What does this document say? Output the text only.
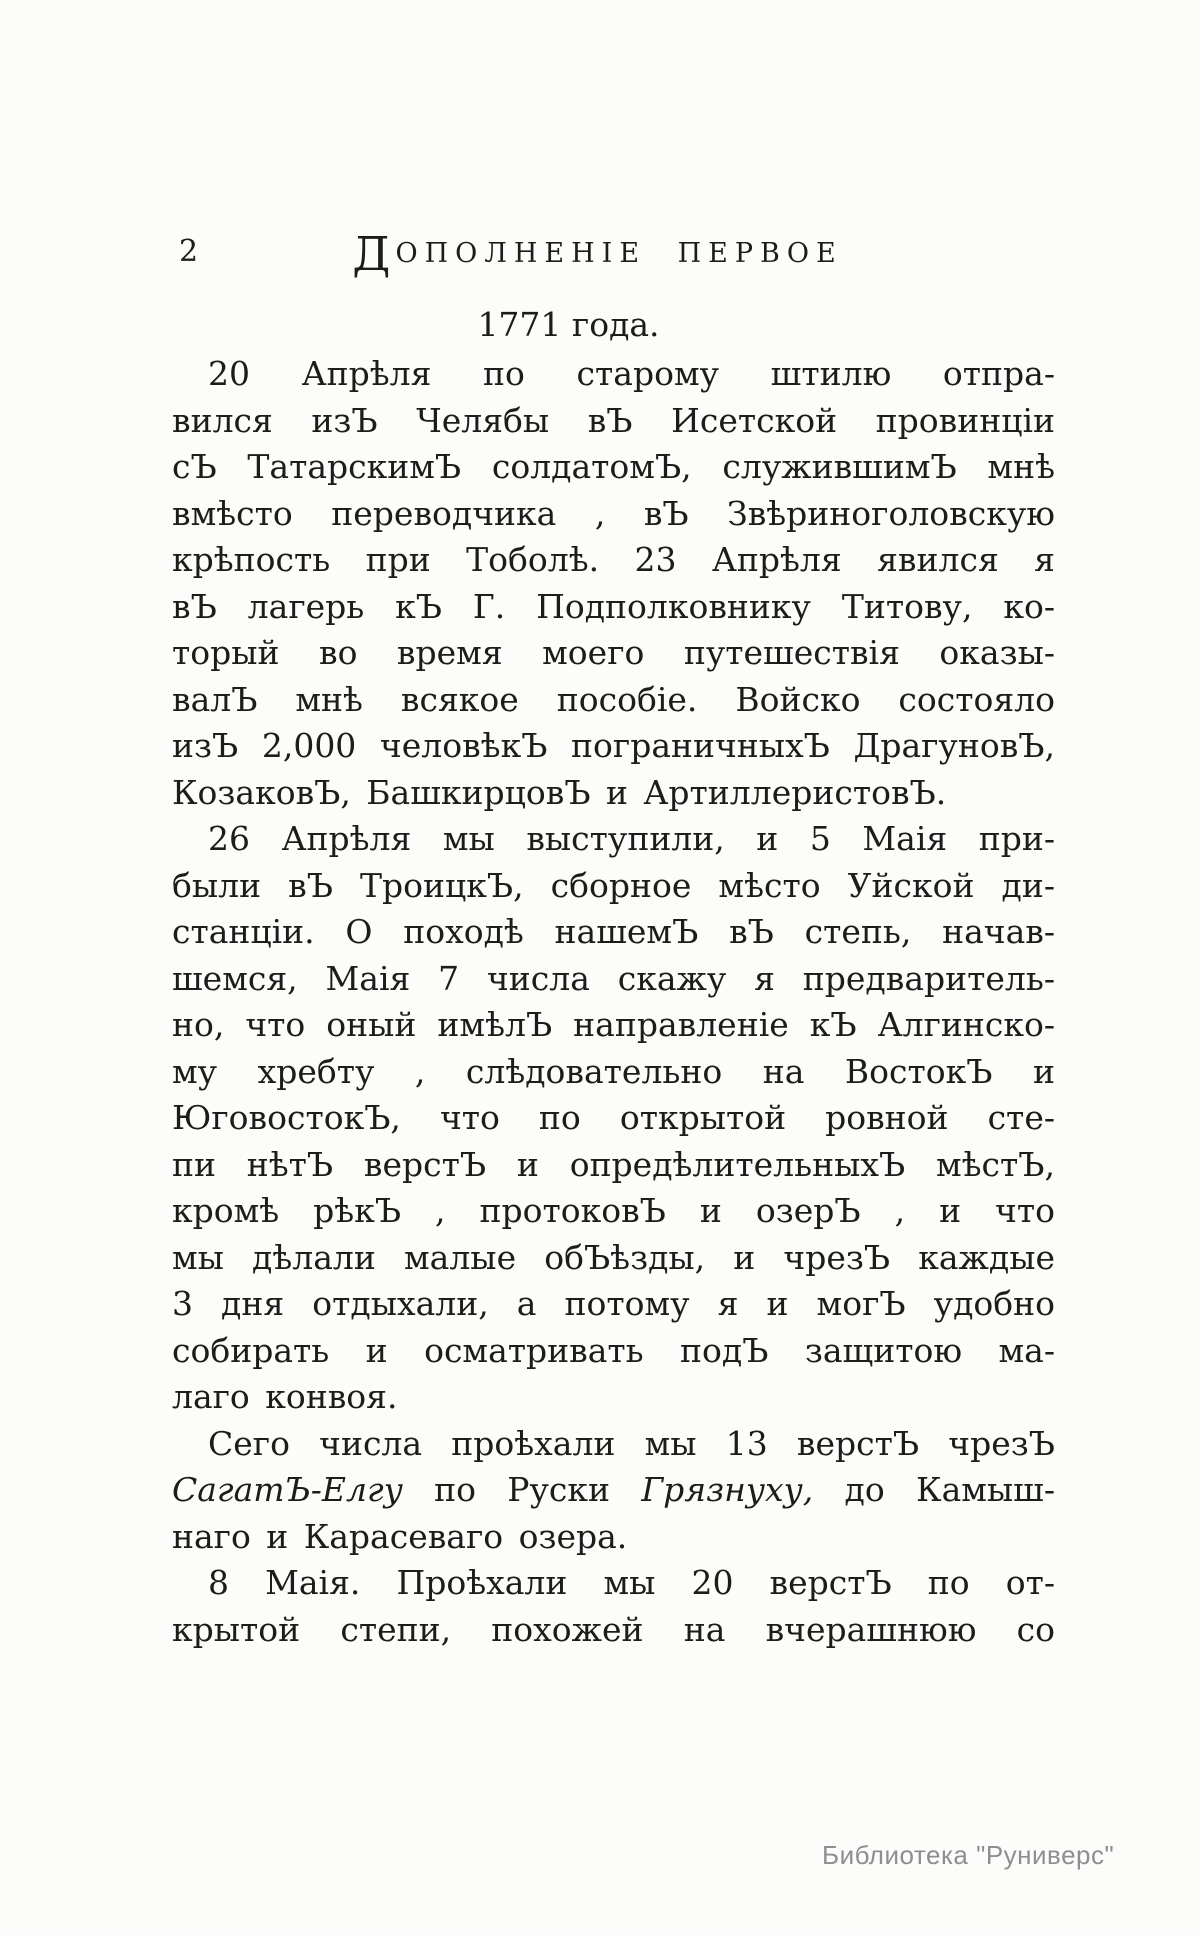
2	ДОПОЛНЕНІЕ ПЕРВОЕ
1771 года.
20 Апрѣля по старому штилю отпра-
вился изЪ Челябы вЪ Исетской провинціи
сЪ ТатарскимЪ солдатомЪ, служившимЪ мнѣ
вмѣсто переводчика , вЪ Звѣриноголовскую
крѣпость при Тоболѣ. 23 Апрѣля явился я
вЪ лагерь кЪ Г. Подполковнику Титову, ко-
торый во время моего путешествія оказы-
валЪ мнѣ всякое пособіе. Войско состояло
изЪ 2,000 человѣкЪ пограничныхЪ ДрагуновЪ,
КозаковЪ, БашкирцовЪ и АртиллеристовЪ.
26 Апрѣля мы выступили, и 5 Маія при-
были вЪ ТроицкЪ, сборное мѣсто Уйской ди-
станціи. О походѣ нашемЪ вЪ степь, начав-
шемся, Маія 7 числа скажу я предваритель-
но, что оный имѣлЪ направленіе кЪ Алгинско-
му хребту , слѣдовательно на ВостокЪ и
ЮговостокЪ, что по открытой ровной сте-
пи нѣтЪ верстЪ и опредѣлительныхЪ мѣстЪ,
кромѣ рѣкЪ , протоковЪ и озерЪ , и что
мы дѣлали малые обЪѣзды, и чрезЪ каждые
3 дня отдыхали, а потому я и могЪ удобно
собирать и осматривать подЪ защитою ма-
лаго конвоя.
Сего числа проѣхали мы 13 верстЪ чрезЪ
СагатЪ-Елгу по Руски Грязнуху, до Камыш-
наго и Карасеваго озера.
8 Маія. Проѣхали мы 20 верстЪ по от-
крытой степи, похожей на вчерашнюю со
Библиотека "Руниверс"
